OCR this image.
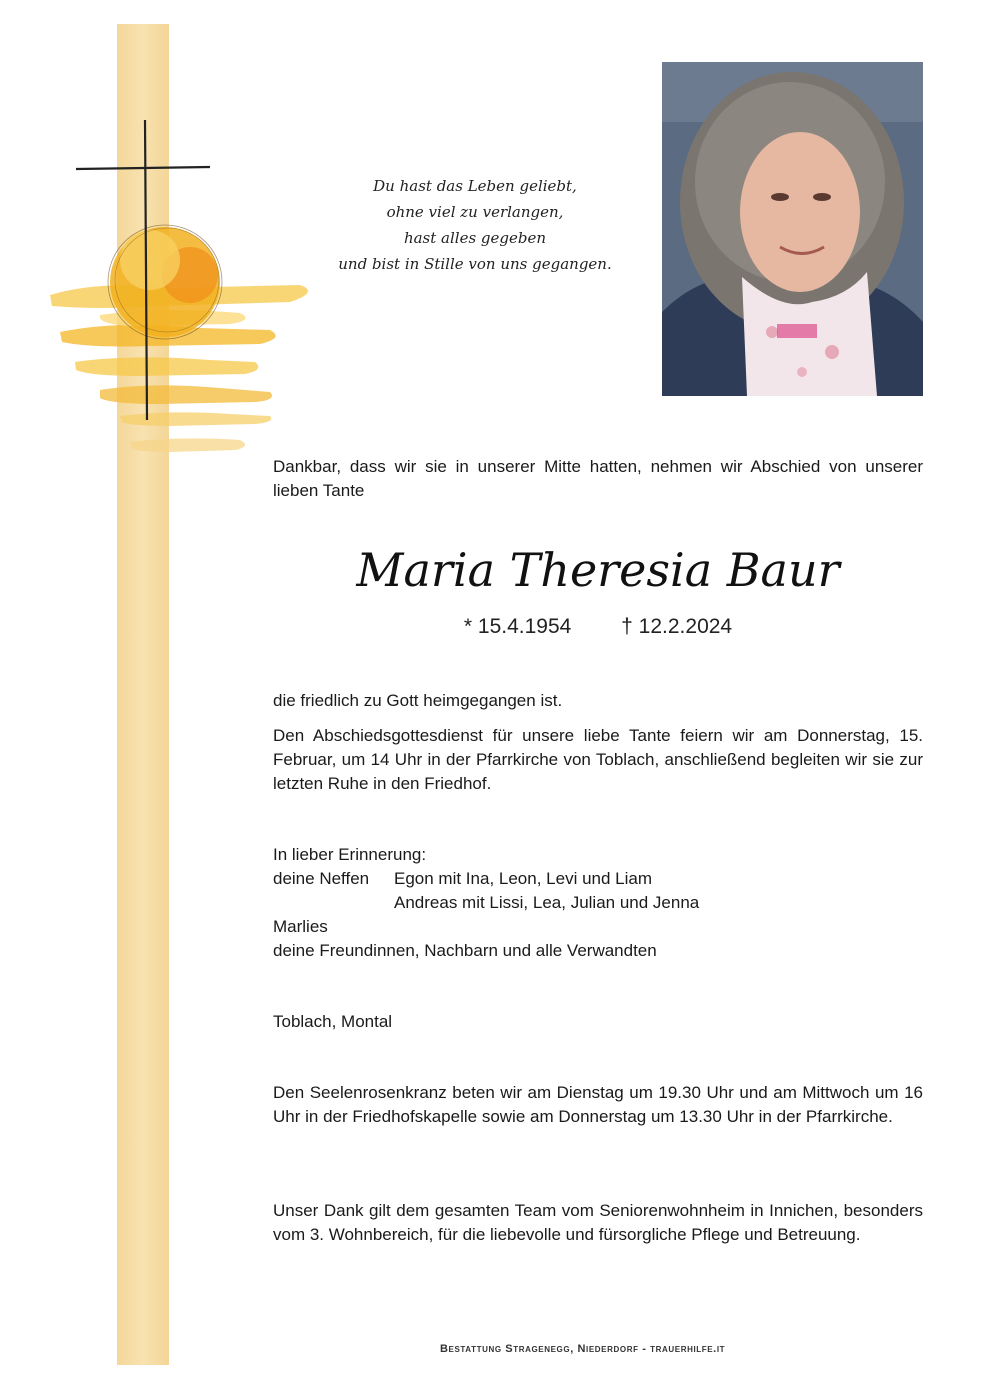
Du hast das Leben geliebt,
ohne viel zu verlangen,
hast alles gegeben
und bist in Stille von uns gegangen.
Dankbar, dass wir sie in unserer Mitte hatten, nehmen wir Abschied von unserer lieben Tante
Maria Theresia Baur
* 15.4.1954 † 12.2.2024
die friedlich zu Gott heimgegangen ist.
Den Abschiedsgottesdienst für unsere liebe Tante feiern wir am Donnerstag, 15. Februar, um 14 Uhr in der Pfarrkirche von Toblach, anschließend begleiten wir sie zur letzten Ruhe in den Friedhof.
In lieber Erinnerung:
deine Neffen Egon mit Ina, Leon, Levi und Liam
Andreas mit Lissi, Lea, Julian und Jenna
Marlies
deine Freundinnen, Nachbarn und alle Verwandten
Toblach, Montal
Den Seelenrosenkranz beten wir am Dienstag um 19.30 Uhr und am Mittwoch um 16 Uhr in der Friedhofskapelle sowie am Donnerstag um 13.30 Uhr in der Pfarrkirche.
Unser Dank gilt dem gesamten Team vom Seniorenwohnheim in Innichen, besonders vom 3. Wohnbereich, für die liebevolle und fürsorgliche Pflege und Betreuung.
Bestattung Stragenegg, Niederdorf - trauerhilfe.it
